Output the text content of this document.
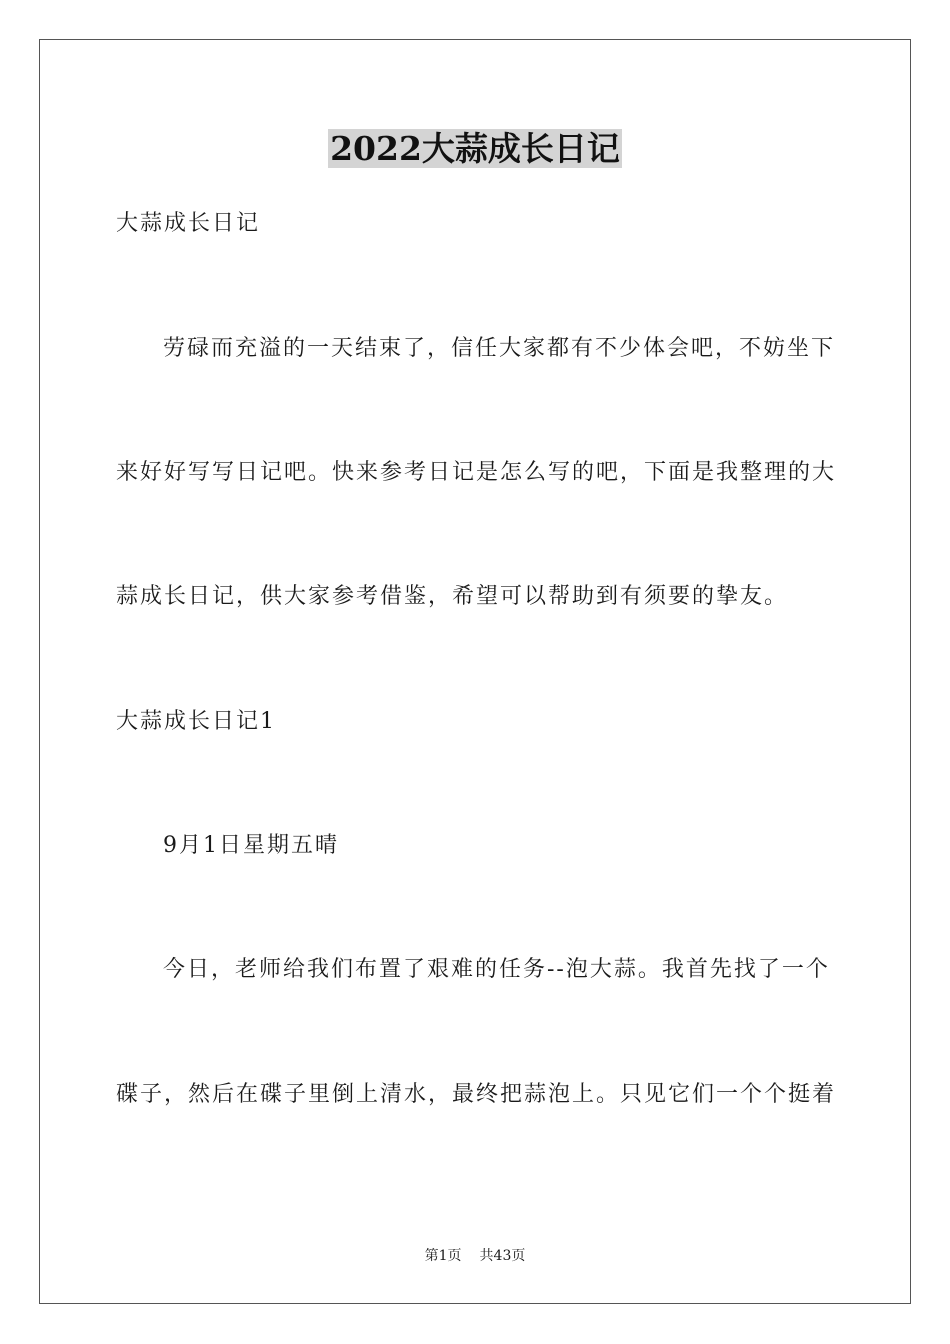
2022大蒜成长日记
大蒜成长日记
劳碌而充溢的一天结束了，信任大家都有不少体会吧，不妨坐下
来好好写写日记吧。快来参考日记是怎么写的吧，下面是我整理的大
蒜成长日记，供大家参考借鉴，希望可以帮助到有须要的挚友。
大蒜成长日记1
9月1日星期五晴
今日，老师给我们布置了艰难的任务--泡大蒜。我首先找了一个
碟子，然后在碟子里倒上清水，最终把蒜泡上。只见它们一个个挺着
第1页 共43页
